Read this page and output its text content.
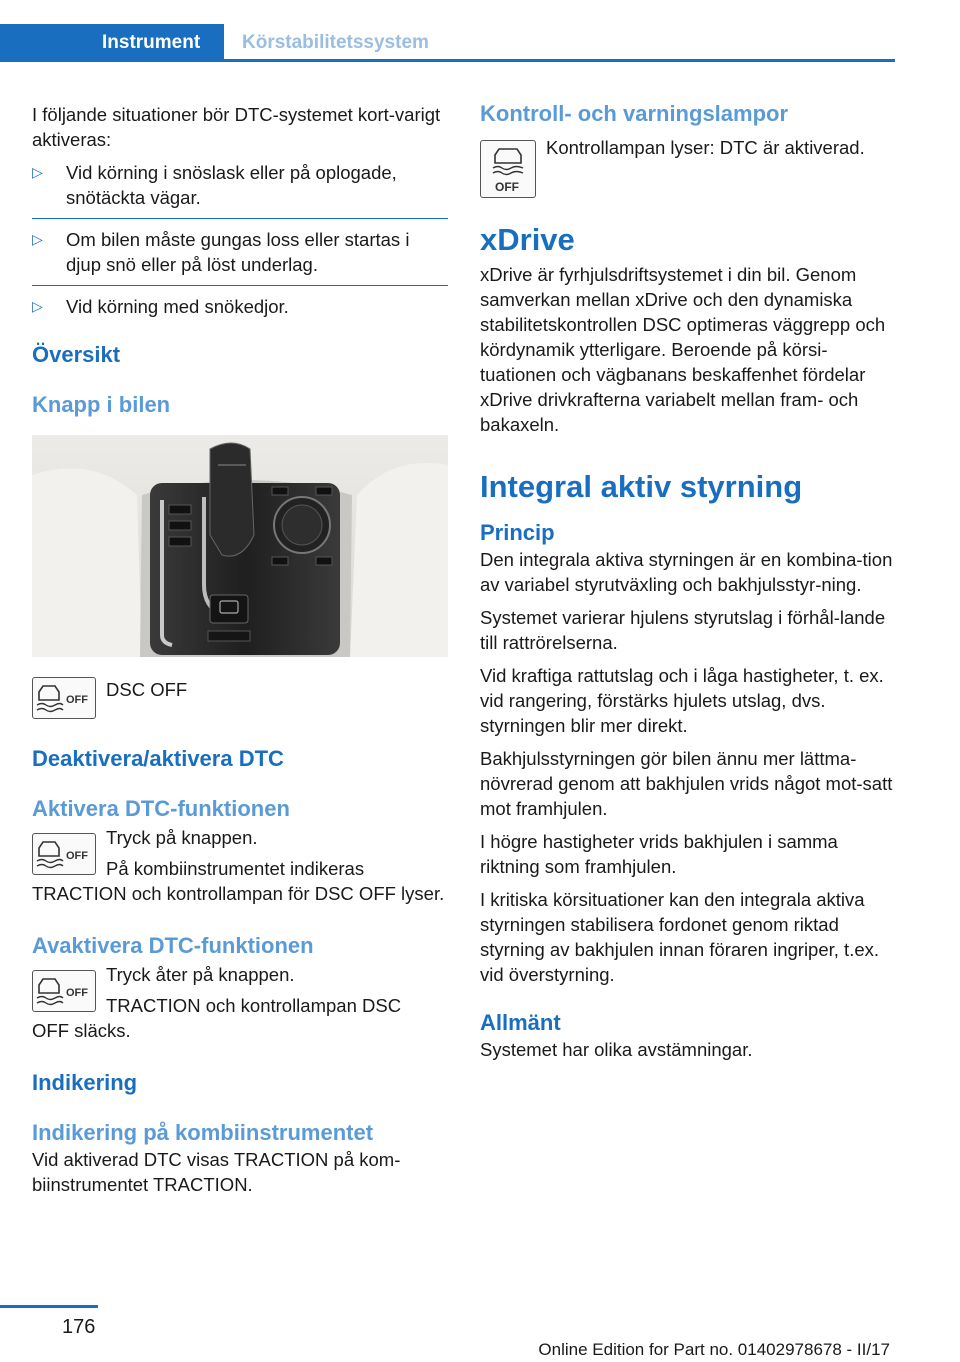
Instrument	Körstabilitetssystem

I följande situationer bör DTC-systemet kort-varigt aktiveras:

▷ Vid körning i snöslask eller på oplogade, snötäckta vägar.
▷ Om bilen måste gungas loss eller startas i djup snö eller på löst underlag.
▷ Vid körning med snökedjor.
Översikt
Knapp i bilen
OFF DSC OFF

Deaktivera/aktivera DTC
Aktivera DTC-funktionen
OFF

Tryck på knappen.

På kombiinstrumentet indikeras

TRACTION och kontrollampan för DSC OFF lyser.

Avaktivera DTC-funktionen
OFF

Tryck åter på knappen.

TRACTION och kontrollampan DSC

OFF släcks.

Indikering
Indikering på kombiinstrumentet

Vid aktiverad DTC visas TRACTION på kom-biinstrumentet TRACTION.

Kontroll- och varningslampor
OFF

Kontrollampan lyser: DTC är aktiverad.

xDrive

xDrive är fyrhjulsdriftsystemet i din bil. Genom samverkan mellan xDrive och den dynamiska stabilitetskontrollen DSC optimeras väggrepp och kördynamik ytterligare. Beroende på körsi-tuationen och vägbanans beskaffenhet fördelar xDrive drivkrafterna variabelt mellan fram- och bakaxeln.

Integral aktiv styrning
Princip

Den integrala aktiva styrningen är en kombina-tion av variabel styrutväxling och bakhjulsstyr-ning.

Systemet varierar hjulens styrutslag i förhål-lande till rattrörelserna.

Vid kraftiga rattutslag och i låga hastigheter, t. ex. vid rangering, förstärks hjulets utslag, dvs. styrningen blir mer direkt.

Bakhjulsstyrningen gör bilen ännu mer lättma-növrerad genom att bakhjulen vrids något mot-satt mot framhjulen.

I högre hastigheter vrids bakhjulen i samma riktning som framhjulen.

I kritiska körsituationer kan den integrala aktiva styrningen stabilisera fordonet genom riktad styrning av bakhjulen innan föraren ingriper, t.ex. vid överstyrning.

Allmänt

Systemet har olika avstämningar.

176
Online Edition for Part no. 01402978678 - II/17
